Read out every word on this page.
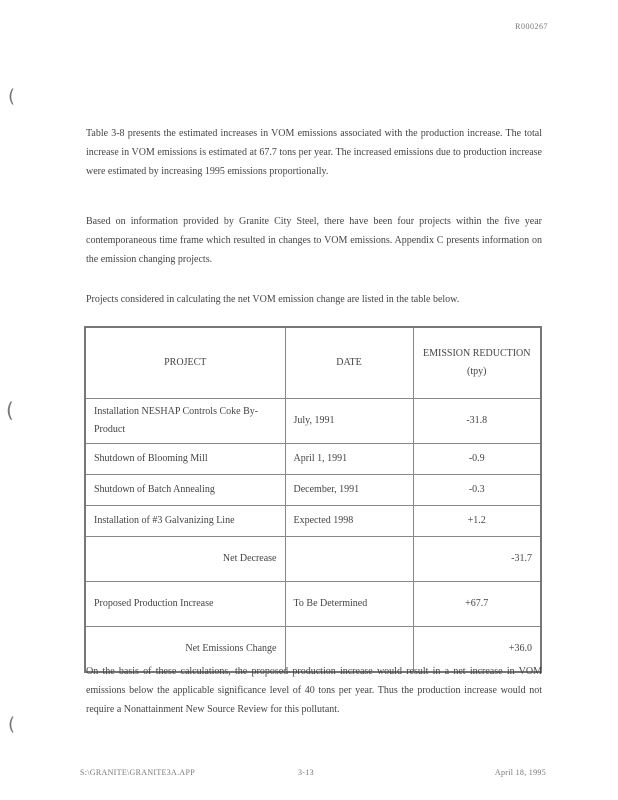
R000267
(
(
(

Table 3-8 presents the estimated increases in VOM emissions associated with the production increase. The total increase in VOM emissions is estimated at 67.7 tons per year. The increased emissions due to production increase were estimated by increasing 1995 emissions proportionally.

Based on information provided by Granite City Steel, there have been four projects within the five year contemporaneous time frame which resulted in changes to VOM emissions. Appendix C presents information on the emission changing projects.

Projects considered in calculating the net VOM emission change are listed in the table below.

PROJECT	DATE	EMISSION REDUCTION (tpy)
Installation NESHAP Controls Coke By-Product	July, 1991	-31.8
Shutdown of Blooming Mill	April 1, 1991	-0.9
Shutdown of Batch Annealing	December, 1991	-0.3
Installation of #3 Galvanizing Line	Expected 1998	+1.2
Net Decrease		-31.7
Proposed Production Increase	To Be Determined	+67.7
Net Emissions Change		+36.0

On the basis of these calculations, the proposed production increase would result in a net increase in VOM emissions below the applicable significance level of 40 tons per year. Thus the production increase would not require a Nonattainment New Source Review for this pollutant.

S:\GRANITE\GRANITE3A.APP	3-13	April 18, 1995
